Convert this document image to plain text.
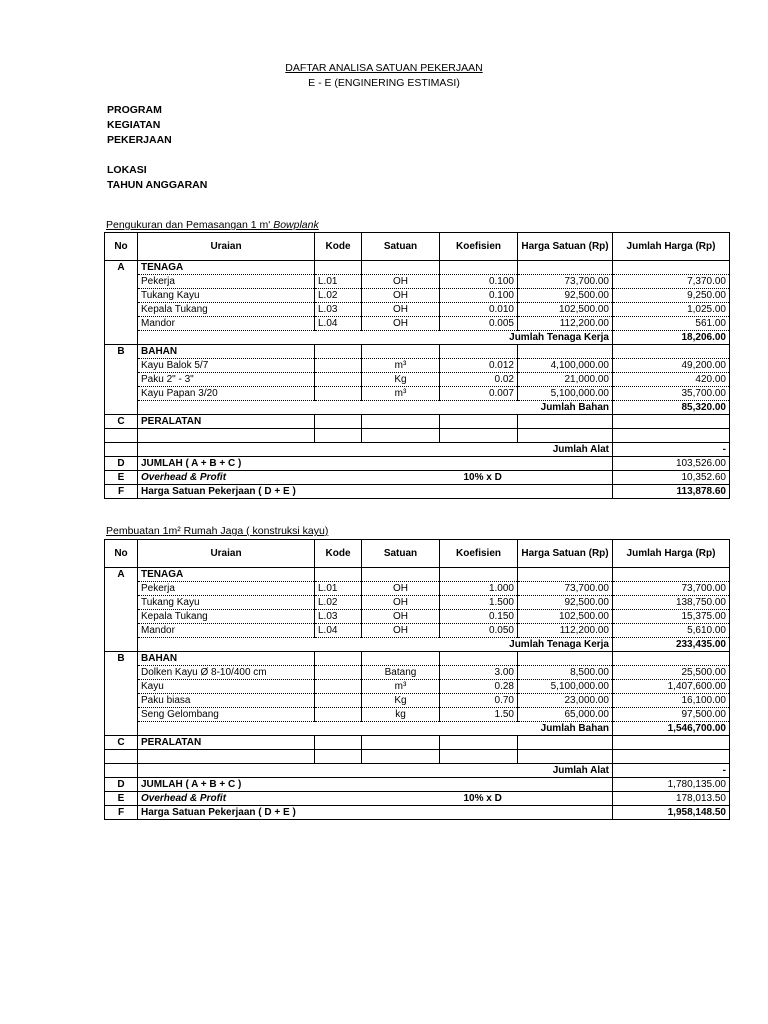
DAFTAR ANALISA SATUAN PEKERJAAN
E - E (ENGINERING ESTIMASI)
PROGRAM
KEGIATAN
PEKERJAAN
LOKASI
TAHUN ANGGARAN
Pengukuran dan Pemasangan 1 m' Bowplank
No	Uraian	Kode	Satuan	Koefisien	Harga Satuan (Rp)	Jumlah Harga (Rp)
A	TENAGA					
	Pekerja	L.01	OH	0.100	73,700.00	7,370.00
	Tukang Kayu	L.02	OH	0.100	92,500.00	9,250.00
	Kepala Tukang	L.03	OH	0.010	102,500.00	1,025.00
	Mandor	L.04	OH	0.005	112,200.00	561.00
	Jumlah Tenaga Kerja					18,206.00
B	BAHAN					
	Kayu Balok 5/7		m³	0.012	4,100,000.00	49,200.00
	Paku 2" - 3"		Kg	0.02	21,000.00	420.00
	Kayu Papan 3/20		m³	0.007	5,100,000.00	35,700.00
	Jumlah Bahan					85,320.00
C	PERALATAN					

	Jumlah Alat					-
D	JUMLAH ( A + B + C )					103,526.00
E	Overhead & Profit			10% x D		10,352.60
F	Harga Satuan Pekerjaan ( D + E )					113,878.60
Pembuatan 1m² Rumah Jaga ( konstruksi kayu)
No	Uraian	Kode	Satuan	Koefisien	Harga Satuan (Rp)	Jumlah Harga (Rp)
A	TENAGA					
	Pekerja	L.01	OH	1.000	73,700.00	73,700.00
	Tukang Kayu	L.02	OH	1.500	92,500.00	138,750.00
	Kepala Tukang	L.03	OH	0.150	102,500.00	15,375.00
	Mandor	L.04	OH	0.050	112,200.00	5,610.00
	Jumlah Tenaga Kerja					233,435.00
B	BAHAN					
	Dolken Kayu Ø 8-10/400 cm		Batang	3.00	8,500.00	25,500.00
	Kayu		m³	0.28	5,100,000.00	1,407,600.00
	Paku biasa		Kg	0.70	23,000.00	16,100.00
	Seng Gelombang		kg	1.50	65,000.00	97,500.00
	Jumlah Bahan					1,546,700.00
C	PERALATAN					

	Jumlah Alat					-
D	JUMLAH ( A + B + C )					1,780,135.00
E	Overhead & Profit			10% x D		178,013.50
F	Harga Satuan Pekerjaan ( D + E )					1,958,148.50
